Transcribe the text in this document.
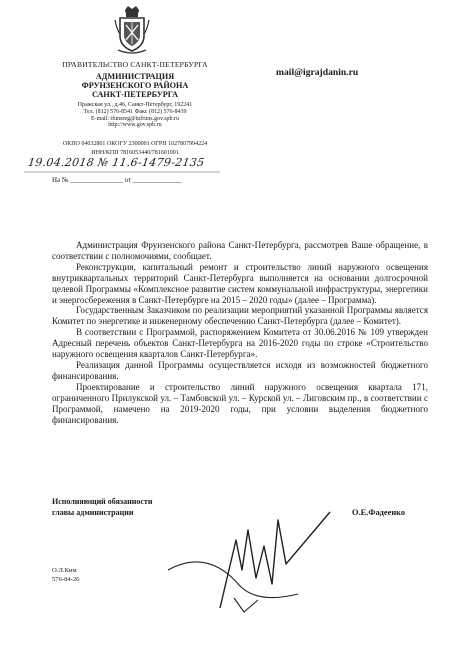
ПРАВИТЕЛЬСТВО САНКТ-ПЕТЕРБУРГА
АДМИНИСТРАЦИЯ
ФРУНЗЕНСКОГО РАЙОНА
САНКТ-ПЕТЕРБУРГА
Пражская ул., д.46, Санкт-Петербург, 192241
Тел. (812) 576-8541 Факс (812) 576-8439
E-mail: tfunsreg@tufruns.gov.spb.ru
http://www.gov.spb.ru
ОКПО 04032801 ОКОГУ 2300001 ОГРН 1027807994224
ИНН/КПП 7816053440/781601001
19.04.2018 № 11.6-1479-2135
На № _______________ от ______________
mail@igrajdanin.ru

Администрация Фрунзенского района Санкт-Петербурга, рассмотрев Ваше обращение, в соответствии с полномочиями, сообщает.

Реконструкция, капитальный ремонт и строительство линий наружного освещения внутриквартальных территорий Санкт-Петербурга выполняется на основании долгосрочной целевой Программы «Комплексное развитие систем коммунальной инфраструктуры, энергетики и энергосбережения в Санкт-Петербурге на 2015 – 2020 годы» (далее – Программа).

Государственным Заказчиком по реализации мероприятий указанной Программы является Комитет по энергетике и инженерному обеспечению Санкт-Петербурга (далее – Комитет).

В соответствии с Программой, распоряжением Комитета от 30.06.2016 № 109 утвержден Адресный перечень объектов Санкт-Петербурга на 2016-2020 годы по строке «Строительство наружного освещения кварталов Санкт-Петербурга».

Реализация данной Программы осуществляется исходя из возможностей бюджетного финансирования.

Проектирование и строительство линий наружного освещения квартала 171, ограниченного Прилукской ул. – Тамбовской ул. – Курской ул. – Лиговским пр., в соответствии с Программой, намечено на 2019-2020 годы, при условии выделения бюджетного финансирования.

Исполняющий обязанности
главы администрации	О.Е.Фадеенко
О.Л.Ким
576-84-26
